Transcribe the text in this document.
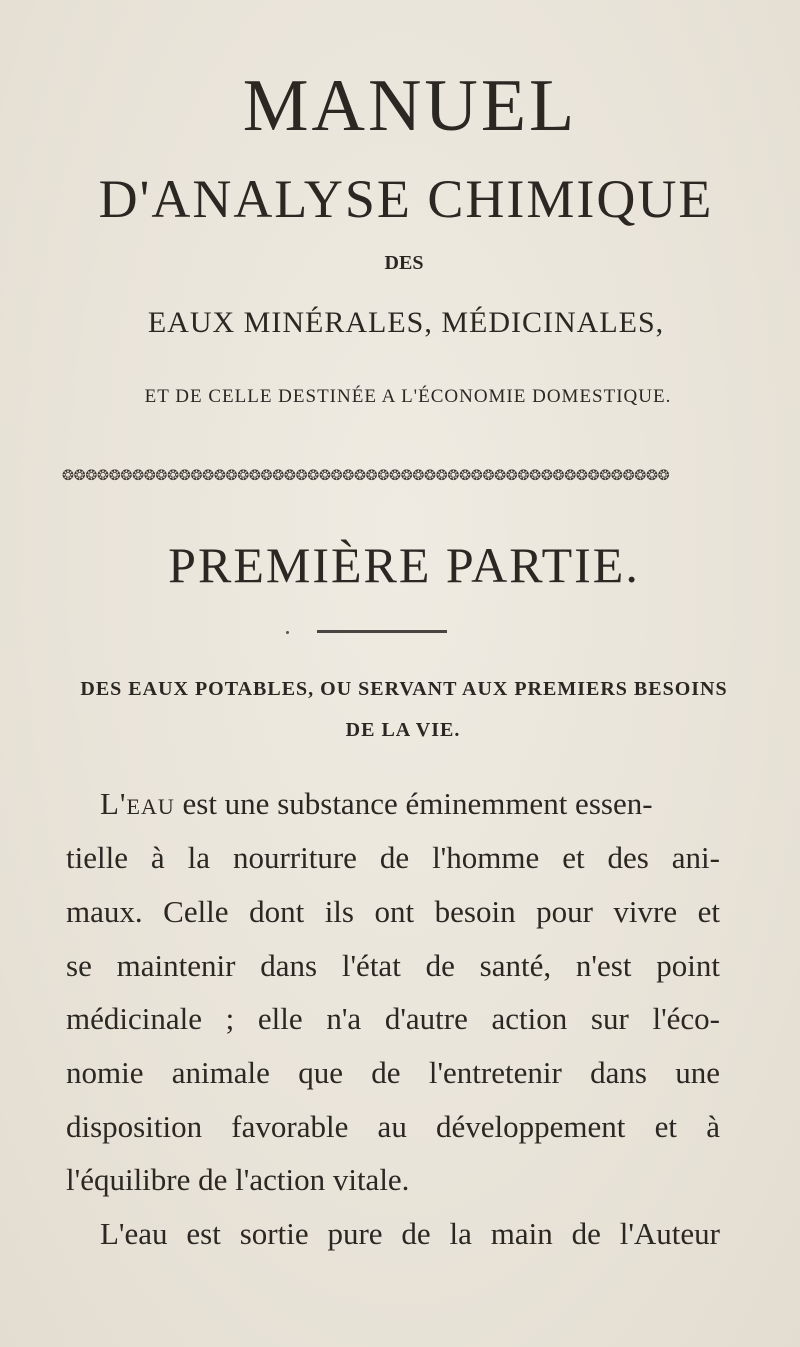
MANUEL
D'ANALYSE CHIMIQUE
DES
EAUX MINÉRALES, MÉDICINALES,
ET DE CELLE DESTINÉE A L'ÉCONOMIE DOMESTIQUE.
❂❂❂❂❂❂❂❂❂❂❂❂❂❂❂❂❂❂❂❂❂❂❂❂❂❂❂❂❂❂❂❂❂❂❂❂❂❂❂❂❂❂❂❂❂❂❂❂❂❂❂❂
PREMIÈRE PARTIE.
DES EAUX POTABLES, OU SERVANT AUX PREMIERS BESOINS
DE LA VIE.
L'eau est une substance éminemment essen-
tielle à la nourriture de l'homme et des ani-
maux. Celle dont ils ont besoin pour vivre et
se maintenir dans l'état de santé, n'est point
médicinale ; elle n'a d'autre action sur l'éco-
nomie animale que de l'entretenir dans une
disposition favorable au développement et à
l'équilibre de l'action vitale.
L'eau est sortie pure de la main de l'Auteur
